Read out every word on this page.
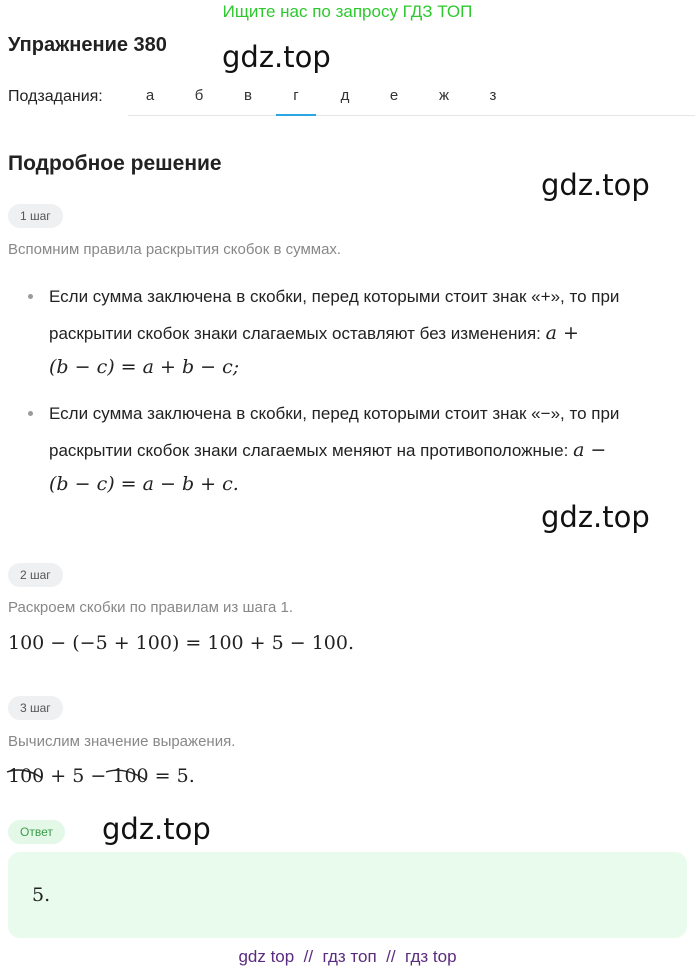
Ищите нас по запросу ГДЗ ТОП
Упражнение 380 gdz.top
Подзадания:	а	б	в	г	д	е	ж	з
Подробное решение
gdz.top
1 шаг
Вспомним правила раскрытия скобок в суммах.
Если сумма заключена в скобки, перед которыми стоит знак «+», то при
раскрытии скобок знаки слагаемых оставляют без изменения: a +
(b − c) = a + b − c;
Если сумма заключена в скобки, перед которыми стоит знак «−», то при
раскрытии скобок знаки слагаемых меняют на противоположные: a −
(b − c) = a − b + c.
gdz.top
2 шаг
Раскроем скобки по правилам из шага 1.
100 − (−5 + 100) = 100 + 5 − 100.
3 шаг
Вычислим значение выражения.
100 + 5 − 100 = 5.
Ответ	gdz.top
5.
gdz top  //  гдз топ  //  гдз top
